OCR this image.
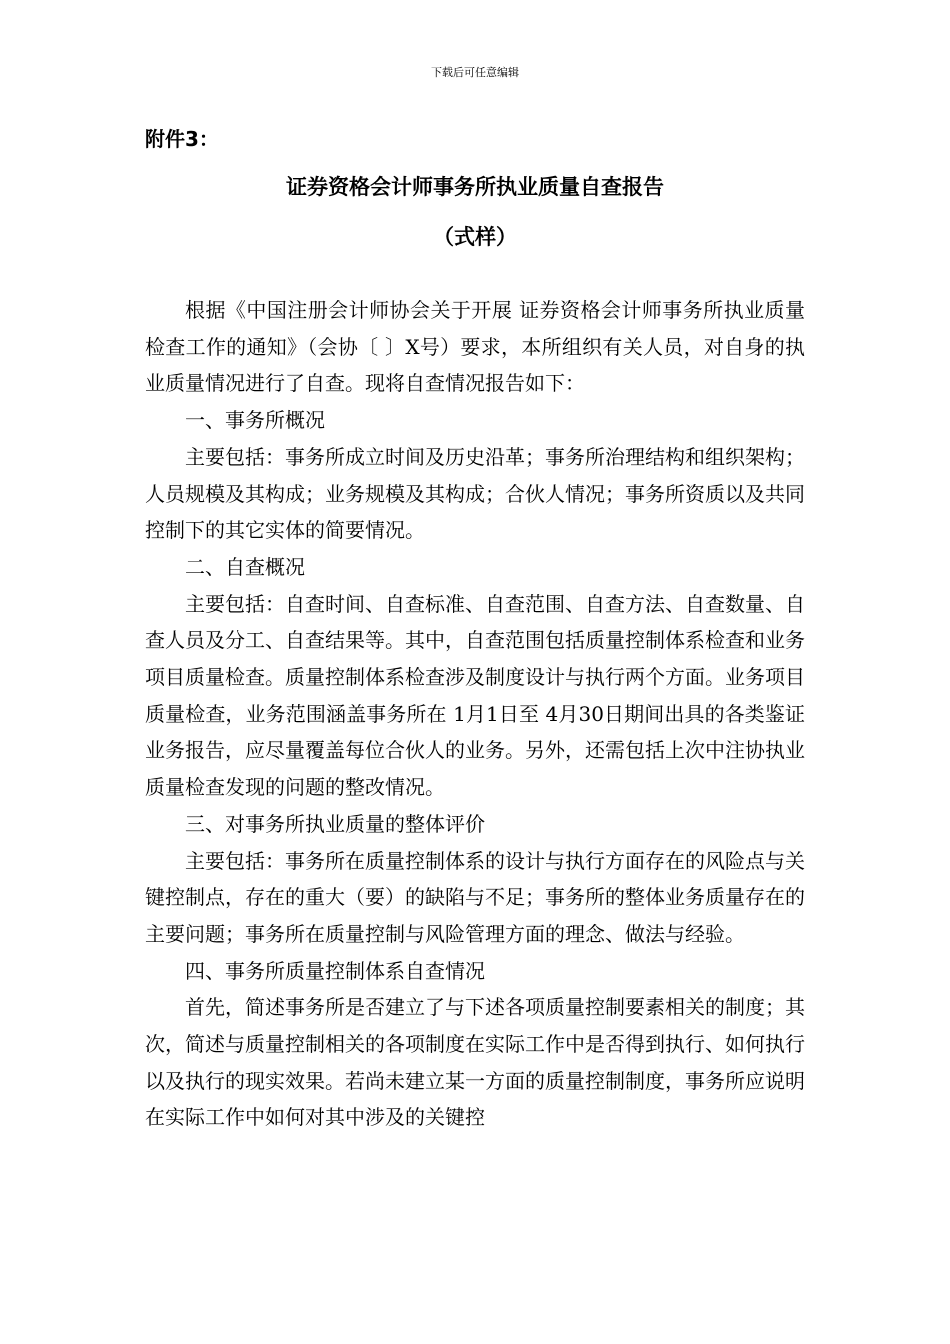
下载后可任意编辑
附件3：
证券资格会计师事务所执业质量自查报告
（式样）

根据《中国注册会计师协会关于开展 证券资格会计师事务所执业质量检查工作的通知》（会协〔 〕X号）要求，本所组织有关人员，对自身的执业质量情况进行了自查。现将自查情况报告如下：

一、事务所概况

主要包括：事务所成立时间及历史沿革；事务所治理结构和组织架构；人员规模及其构成；业务规模及其构成；合伙人情况；事务所资质以及共同控制下的其它实体的简要情况。

二、自查概况

主要包括：自查时间、自查标准、自查范围、自查方法、自查数量、自查人员及分工、自查结果等。其中，自查范围包括质量控制体系检查和业务项目质量检查。质量控制体系检查涉及制度设计与执行两个方面。业务项目质量检查，业务范围涵盖事务所在 1月1日至 4月30日期间出具的各类鉴证业务报告，应尽量覆盖每位合伙人的业务。另外，还需包括上次中注协执业质量检查发现的问题的整改情况。

三、对事务所执业质量的整体评价

主要包括：事务所在质量控制体系的设计与执行方面存在的风险点与关键控制点，存在的重大（要）的缺陷与不足；事务所的整体业务质量存在的主要问题；事务所在质量控制与风险管理方面的理念、做法与经验。

四、事务所质量控制体系自查情况

首先，简述事务所是否建立了与下述各项质量控制要素相关的制度；其次，简述与质量控制相关的各项制度在实际工作中是否得到执行、如何执行以及执行的现实效果。若尚未建立某一方面的质量控制制度，事务所应说明在实际工作中如何对其中涉及的关键控
